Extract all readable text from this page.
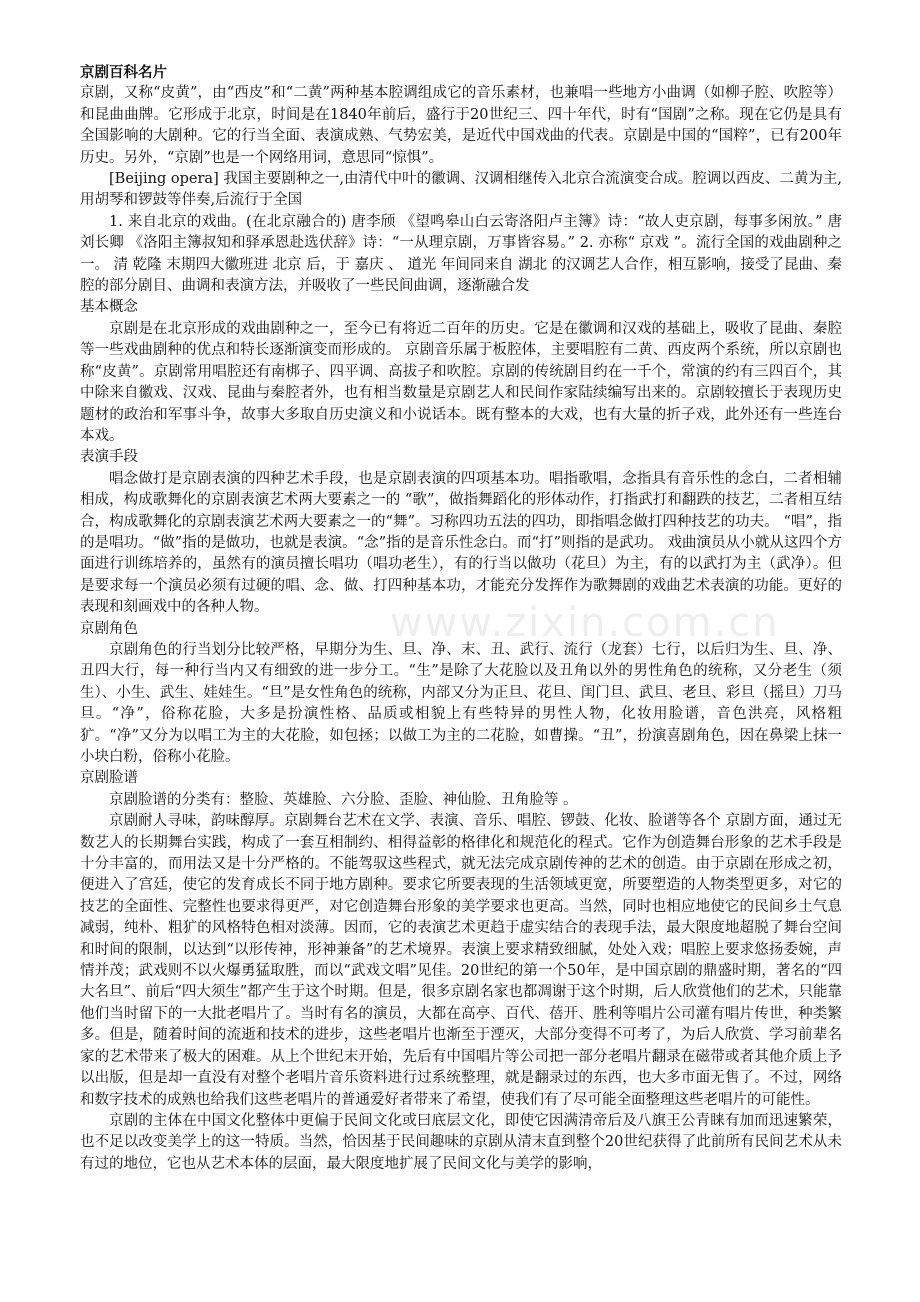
www.zixin.com.cn

京剧百科名片

京剧，又称“皮黄”，由“西皮”和“二黄”两种基本腔调组成它的音乐素材，也兼唱一些地方小曲调（如柳子腔、吹腔等）和昆曲曲牌。它形成于北京，时间是在1840年前后，盛行于20世纪三、四十年代，时有“国剧”之称。现在它仍是具有全国影响的大剧种。它的行当全面、表演成熟、气势宏美，是近代中国戏曲的代表。京剧是中国的“国粹”，已有200年历史。另外，“京剧”也是一个网络用词，意思同“惊惧”。

[Beijing opera] 我国主要剧种之一,由清代中叶的徽调、汉调相继传入北京合流演变合成。腔调以西皮、二黄为主,用胡琴和锣鼓等伴奏,后流行于全国

1. 来自北京的戏曲。(在北京融合的) 唐李颀 《望鸣皋山白云寄洛阳卢主簿》诗：“故人吏京剧，每事多闲放。” 唐 刘长卿 《洛阳主簿叔知和驿承恩赴选伏辞》诗：“一从理京剧，万事皆容易。” 2. 亦称“ 京戏 ”。流行全国的戏曲剧种之一。 清 乾隆 末期四大徽班进 北京 后，于 嘉庆 、 道光 年间同来自 湖北 的汉调艺人合作，相互影响，接受了昆曲、秦腔的部分剧目、曲调和表演方法，并吸收了一些民间曲调，逐渐融合发

基本概念

京剧是在北京形成的戏曲剧种之一，至今已有将近二百年的历史。它是在徽调和汉戏的基础上，吸收了昆曲、秦腔等一些戏曲剧种的优点和特长逐渐演变而形成的。 京剧音乐属于板腔体，主要唱腔有二黄、西皮两个系统，所以京剧也称“皮黄”。京剧常用唱腔还有南梆子、四平调、高拔子和吹腔。京剧的传统剧目约在一千个，常演的约有三四百个，其中除来自徽戏、汉戏、昆曲与秦腔者外，也有相当数量是京剧艺人和民间作家陆续编写出来的。京剧较擅长于表现历史题材的政治和军事斗争，故事大多取自历史演义和小说话本。既有整本的大戏，也有大量的折子戏，此外还有一些连台本戏。

表演手段

唱念做打是京剧表演的四种艺术手段，也是京剧表演的四项基本功。唱指歌唱，念指具有音乐性的念白，二者相辅相成，构成歌舞化的京剧表演艺术两大要素之一的 “歌”，做指舞蹈化的形体动作，打指武打和翻跌的技艺，二者相互结合，构成歌舞化的京剧表演艺术两大要素之一的“舞”。习称四功五法的四功，即指唱念做打四种技艺的功夫。 “唱”，指的是唱功。“做”指的是做功，也就是表演。“念”指的是音乐性念白。而“打”则指的是武功。 戏曲演员从小就从这四个方面进行训练培养的，虽然有的演员擅长唱功（唱功老生），有的行当以做功（花旦）为主，有的以武打为主（武净）。但是要求每一个演员必须有过硬的唱、念、做、打四种基本功，才能充分发挥作为歌舞剧的戏曲艺术表演的功能。更好的表现和刻画戏中的各种人物。

京剧角色

京剧角色的行当划分比较严格，早期分为生、旦、净、末、丑、武行、流行（龙套）七行，以后归为生、旦、净、丑四大行，每一种行当内又有细致的进一步分工。“生”是除了大花脸以及丑角以外的男性角色的统称，又分老生（须生）、小生、武生、娃娃生。“旦”是女性角色的统称，内部又分为正旦、花旦、闺门旦、武旦、老旦、彩旦（摇旦）刀马旦。“净”，俗称花脸，大多是扮演性格、品质或相貌上有些特异的男性人物，化妆用脸谱，音色洪亮，风格粗犷。“净”又分为以唱工为主的大花脸，如包拯；以做工为主的二花脸，如曹操。“丑”，扮演喜剧角色，因在鼻梁上抹一小块白粉，俗称小花脸。

京剧脸谱

京剧脸谱的分类有：整脸、英雄脸、六分脸、歪脸、神仙脸、丑角脸等 。

京剧耐人寻味，韵味醇厚。京剧舞台艺术在文学、表演、音乐、唱腔、锣鼓、化妆、脸谱等各个 京剧方面，通过无数艺人的长期舞台实践，构成了一套互相制约、相得益彰的格律化和规范化的程式。它作为创造舞台形象的艺术手段是十分丰富的，而用法又是十分严格的。不能驾驭这些程式，就无法完成京剧传神的艺术的创造。由于京剧在形成之初，便进入了宫廷，使它的发育成长不同于地方剧种。要求它所要表现的生活领域更宽，所要塑造的人物类型更多，对它的技艺的全面性、完整性也要求得更严，对它创造舞台形象的美学要求也更高。当然，同时也相应地使它的民间乡土气息减弱，纯朴、粗犷的风格特色相对淡薄。因而，它的表演艺术更趋于虚实结合的表现手法，最大限度地超脱了舞台空间和时间的限制，以达到“以形传神，形神兼备”的艺术境界。表演上要求精致细腻，处处入戏；唱腔上要求悠扬委婉，声情并茂；武戏则不以火爆勇猛取胜，而以“武戏文唱”见佳。20世纪的第一个50年，是中国京剧的鼎盛时期，著名的“四大名旦”、前后“四大须生”都产生于这个时期。但是，很多京剧名家也都凋谢于这个时期，后人欣赏他们的艺术，只能靠他们当时留下的一大批老唱片了。当时有名的演员，大都在高亭、百代、蓓开、胜利等唱片公司灌有唱片传世，种类繁多。但是，随着时间的流逝和技术的进步，这些老唱片也渐至于湮灭，大部分变得不可考了，为后人欣赏、学习前辈名家的艺术带来了极大的困难。从上个世纪末开始，先后有中国唱片等公司把一部分老唱片翻录在磁带或者其他介质上予以出版，但是却一直没有对整个老唱片音乐资料进行过系统整理，就是翻录过的东西，也大多市面无售了。不过，网络和数字技术的成熟也给我们这些老唱片的普通爱好者带来了希望，使我们有了尽可能全面整理这些老唱片的可能性。

京剧的主体在中国文化整体中更偏于民间文化或曰底层文化，即使它因满清帝后及八旗王公青睐有加而迅速繁荣，也不足以改变美学上的这一特质。当然，恰因基于民间趣味的京剧从清末直到整个20世纪获得了此前所有民间艺术从未有过的地位，它也从艺术本体的层面，最大限度地扩展了民间文化与美学的影响，
